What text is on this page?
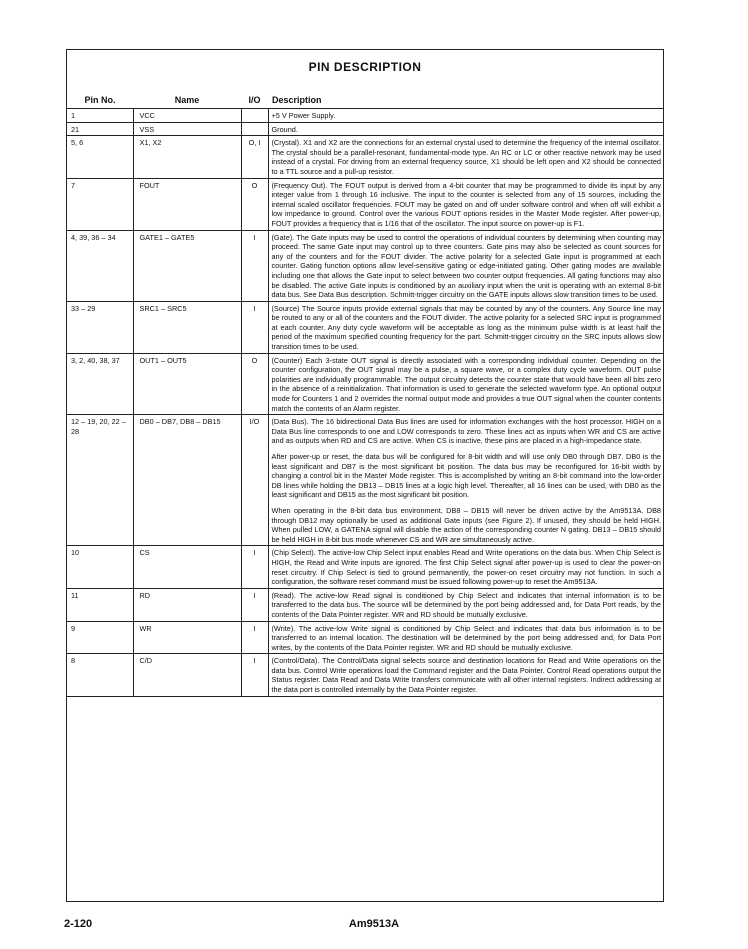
PIN DESCRIPTION
Pin No.	Name	I/O	Description
1	VCC		+5 V Power Supply.

21	VSS		Ground.

5, 6	X1, X2	O, I	(Crystal). X1 and X2 are the connections for an external crystal used to determine the frequency of the internal oscillator. The crystal should be a parallel-resonant, fundamental-mode type. An RC or LC or other reactive network may be used instead of a crystal. For driving from an external frequency source, X1 should be left open and X2 should be connected to a TTL source and a pull-up resistor.

7	FOUT	O	(Frequency Out). The FOUT output is derived from a 4-bit counter that may be programmed to divide its input by any integer value from 1 through 16 inclusive. The input to the counter is selected from any of 15 sources, including the internal scaled oscillator frequencies. FOUT may be gated on and off under software control and when off will exhibit a low impedance to ground. Control over the various FOUT options resides in the Master Mode register. After power-up, FOUT provides a frequency that is 1/16 that of the oscillator. The input source on power-up is F1.

4, 39, 36 – 34	GATE1 – GATE5	I	(Gate). The Gate inputs may be used to control the operations of individual counters by determining when counting may proceed. The same Gate input may control up to three counters. Gate pins may also be selected as count sources for any of the counters and for the FOUT divider. The active polarity for a selected Gate input is programmed at each counter. Gating function options allow level-sensitive gating or edge-initiated gating. Other gating modes are available including one that allows the Gate input to select between two counter output frequencies. All gating functions may also be disabled. The active Gate inputs is conditioned by an auxiliary input when the unit is operating with an external 8-bit data bus. See Data Bus description. Schmitt-trigger circuitry on the GATE inputs allows slow transition times to be used.

33 – 29	SRC1 – SRC5	I	(Source) The Source inputs provide external signals that may be counted by any of the counters. Any Source line may be routed to any or all of the counters and the FOUT divider. The active polarity for a selected SRC input is programmed at each counter. Any duty cycle waveform will be acceptable as long as the minimum pulse width is at least half the period of the maximum specified counting frequency for the part. Schmitt-trigger circuitry on the SRC inputs allows slow transition times to be used.

3, 2, 40, 38, 37	OUT1 – OUT5	O	(Counter) Each 3-state OUT signal is directly associated with a corresponding individual counter. Depending on the counter configuration, the OUT signal may be a pulse, a square wave, or a complex duty cycle waveform. OUT pulse polarities are individually programmable. The output circuitry detects the counter state that would have been all bits zero in the absence of a reinitialization. That information is used to generate the selected waveform type. An optional output mode for Counters 1 and 2 overrides the normal output mode and provides a true OUT signal when the counter contents match the contents of an Alarm register.

12 – 19, 20, 22 – 28	DB0 – DB7, DB8 – DB15	I/O	(Data Bus). The 16 bidirectional Data Bus lines are used for information exchanges with the host processor. HIGH on a Data Bus line corresponds to one and LOW corresponds to zero. These lines act as inputs when WR and CS are active and as outputs when RD and CS are active. When CS is inactive, these pins are placed in a high-impedance state.
After power-up or reset, the data bus will be configured for 8-bit width and will use only DB0 through DB7. DB0 is the least significant and DB7 is the most significant bit position. The data bus may be reconfigured for 16-bit width by changing a control bit in the Master Mode register. This is accomplished by writing an 8-bit command into the low-order DB lines while holding the DB13 – DB15 lines at a logic high level. Thereafter, all 16 lines can be used, with DB0 as the least significant and DB15 as the most significant bit position.
When operating in the 8-bit data bus environment, DB8 – DB15 will never be driven active by the Am9513A. DB8 through DB12 may optionally be used as additional Gate inputs (see Figure 2). If unused, they should be held HIGH. When pulled LOW, a GATENA signal will disable the action of the corresponding counter N gating. DB13 – DB15 should be held HIGH in 8-bit bus mode whenever CS and WR are simultaneously active.

10	CS	I	(Chip Select). The active-low Chip Select input enables Read and Write operations on the data bus. When Chip Select is HIGH, the Read and Write inputs are ignored. The first Chip Select signal after power-up is used to clear the power-on reset circuitry. If Chip Select is tied to ground permanently, the power-on reset circuitry may not function. In such a configuration, the software reset command must be issued following power-up to reset the Am9513A.

11	RD	I	(Read). The active-low Read signal is conditioned by Chip Select and indicates that internal information is to be transferred to the data bus. The source will be determined by the port being addressed and, for Data Port reads, by the contents of the Data Pointer register. WR and RD should be mutually exclusive.

9	WR	I	(Write). The active-low Write signal is conditioned by Chip Select and indicates that data bus information is to be transferred to an internal location. The destination will be determined by the port being addressed and, for Data Port writes, by the contents of the Data Pointer register. WR and RD should be mutually exclusive.

8	C/D	I	(Control/Data). The Control/Data signal selects source and destination locations for Read and Write operations on the data bus. Control Write operations load the Command register and the Data Pointer. Control Read operations output the Status register. Data Read and Data Write transfers communicate with all other internal registers. Indirect addressing at the data port is controlled internally by the Data Pointer register.
2-120	Am9513A
